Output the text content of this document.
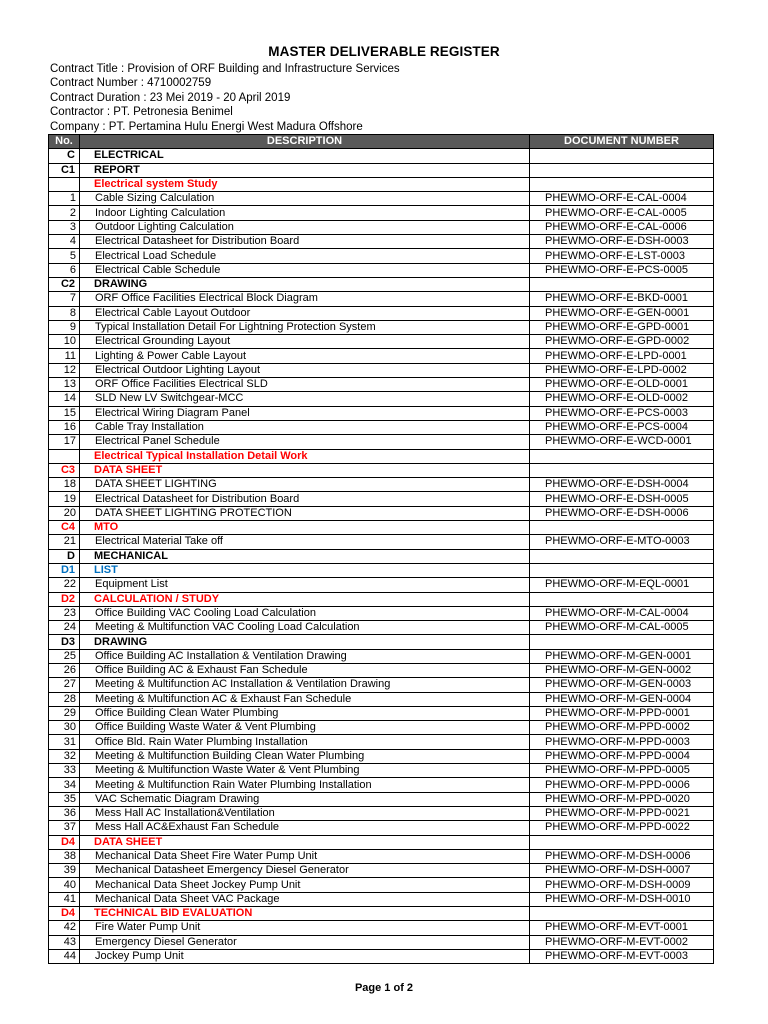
MASTER DELIVERABLE REGISTER
Contract Title : Provision of ORF Building and Infrastructure Services
Contract Number : 4710002759
Contract Duration : 23 Mei 2019 - 20 April 2019
Contractor : PT. Petronesia Benimel
Company : PT. Pertamina Hulu Energi West Madura Offshore
No.	DESCRIPTION	DOCUMENT NUMBER
C	ELECTRICAL	
C1	REPORT	
	Electrical system Study	
1	Cable Sizing Calculation	PHEWMO-ORF-E-CAL-0004
2	Indoor Lighting Calculation	PHEWMO-ORF-E-CAL-0005
3	Outdoor Lighting Calculation	PHEWMO-ORF-E-CAL-0006
4	Electrical Datasheet for Distribution Board	PHEWMO-ORF-E-DSH-0003
5	Electrical Load Schedule	PHEWMO-ORF-E-LST-0003
6	Electrical Cable Schedule	PHEWMO-ORF-E-PCS-0005
C2	DRAWING	
7	ORF Office Facilities Electrical Block Diagram	PHEWMO-ORF-E-BKD-0001
8	Electrical Cable Layout Outdoor	PHEWMO-ORF-E-GEN-0001
9	Typical Installation Detail For Lightning Protection System	PHEWMO-ORF-E-GPD-0001
10	Electrical Grounding Layout	PHEWMO-ORF-E-GPD-0002
11	Lighting & Power Cable Layout	PHEWMO-ORF-E-LPD-0001
12	Electrical Outdoor Lighting Layout	PHEWMO-ORF-E-LPD-0002
13	ORF Office Facilities Electrical SLD	PHEWMO-ORF-E-OLD-0001
14	SLD New LV Switchgear-MCC	PHEWMO-ORF-E-OLD-0002
15	Electrical Wiring Diagram Panel	PHEWMO-ORF-E-PCS-0003
16	Cable Tray Installation	PHEWMO-ORF-E-PCS-0004
17	Electrical Panel Schedule	PHEWMO-ORF-E-WCD-0001
	Electrical Typical Installation Detail Work	
C3	DATA SHEET	
18	DATA SHEET LIGHTING	PHEWMO-ORF-E-DSH-0004
19	Electrical Datasheet for Distribution Board	PHEWMO-ORF-E-DSH-0005
20	DATA SHEET LIGHTING PROTECTION	PHEWMO-ORF-E-DSH-0006
C4	MTO	
21	Electrical Material Take off	PHEWMO-ORF-E-MTO-0003
D	MECHANICAL	
D1	LIST	
22	Equipment List	PHEWMO-ORF-M-EQL-0001
D2	CALCULATION / STUDY	
23	Office Building VAC Cooling Load Calculation	PHEWMO-ORF-M-CAL-0004
24	Meeting & Multifunction VAC Cooling Load Calculation	PHEWMO-ORF-M-CAL-0005
D3	DRAWING	
25	Office Building AC Installation & Ventilation Drawing	PHEWMO-ORF-M-GEN-0001
26	Office Building AC & Exhaust Fan Schedule	PHEWMO-ORF-M-GEN-0002
27	Meeting & Multifunction AC Installation & Ventilation Drawing	PHEWMO-ORF-M-GEN-0003
28	Meeting & Multifunction AC & Exhaust Fan Schedule	PHEWMO-ORF-M-GEN-0004
29	Office Building Clean Water Plumbing	PHEWMO-ORF-M-PPD-0001
30	Office Building Waste Water & Vent Plumbing	PHEWMO-ORF-M-PPD-0002
31	Office Bld. Rain Water Plumbing Installation	PHEWMO-ORF-M-PPD-0003
32	Meeting & Multifunction Building Clean Water Plumbing	PHEWMO-ORF-M-PPD-0004
33	Meeting & Multifunction Waste Water & Vent Plumbing	PHEWMO-ORF-M-PPD-0005
34	Meeting & Multifunction Rain Water Plumbing Installation	PHEWMO-ORF-M-PPD-0006
35	VAC Schematic Diagram Drawing	PHEWMO-ORF-M-PPD-0020
36	Mess Hall AC Installation&Ventilation	PHEWMO-ORF-M-PPD-0021
37	Mess Hall AC&Exhaust Fan Schedule	PHEWMO-ORF-M-PPD-0022
D4	DATA SHEET	
38	Mechanical Data Sheet Fire Water Pump Unit	PHEWMO-ORF-M-DSH-0006
39	Mechanical Datasheet Emergency Diesel Generator	PHEWMO-ORF-M-DSH-0007
40	Mechanical Data Sheet Jockey Pump Unit	PHEWMO-ORF-M-DSH-0009
41	Mechanical Data Sheet VAC Package	PHEWMO-ORF-M-DSH-0010
D4	TECHNICAL BID EVALUATION	
42	Fire Water Pump Unit	PHEWMO-ORF-M-EVT-0001
43	Emergency Diesel Generator	PHEWMO-ORF-M-EVT-0002
44	Jockey Pump Unit	PHEWMO-ORF-M-EVT-0003
Page 1 of 2
